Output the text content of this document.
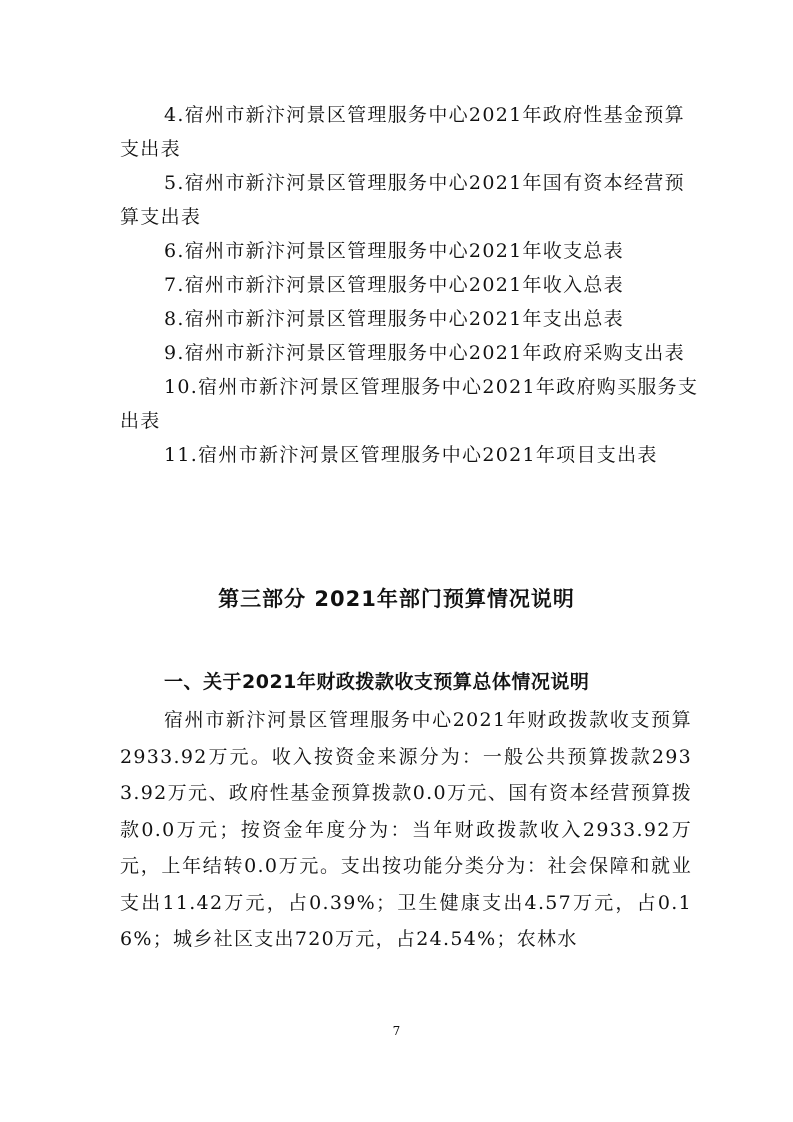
4.宿州市新汴河景区管理服务中心2021年政府性基金预算支出表
5.宿州市新汴河景区管理服务中心2021年国有资本经营预算支出表
6.宿州市新汴河景区管理服务中心2021年收支总表
7.宿州市新汴河景区管理服务中心2021年收入总表
8.宿州市新汴河景区管理服务中心2021年支出总表
9.宿州市新汴河景区管理服务中心2021年政府采购支出表
10.宿州市新汴河景区管理服务中心2021年政府购买服务支出表
11.宿州市新汴河景区管理服务中心2021年项目支出表
第三部分 2021年部门预算情况说明
一、关于2021年财政拨款收支预算总体情况说明

宿州市新汴河景区管理服务中心2021年财政拨款收支预算2933.92万元。收入按资金来源分为：一般公共预算拨款2933.92万元、政府性基金预算拨款0.0万元、国有资本经营预算拨款0.0万元；按资金年度分为：当年财政拨款收入2933.92万元，上年结转0.0万元。支出按功能分类分为：社会保障和就业支出11.42万元，占0.39%；卫生健康支出4.57万元，占0.16%；城乡社区支出720万元，占24.54%；农林水

7
